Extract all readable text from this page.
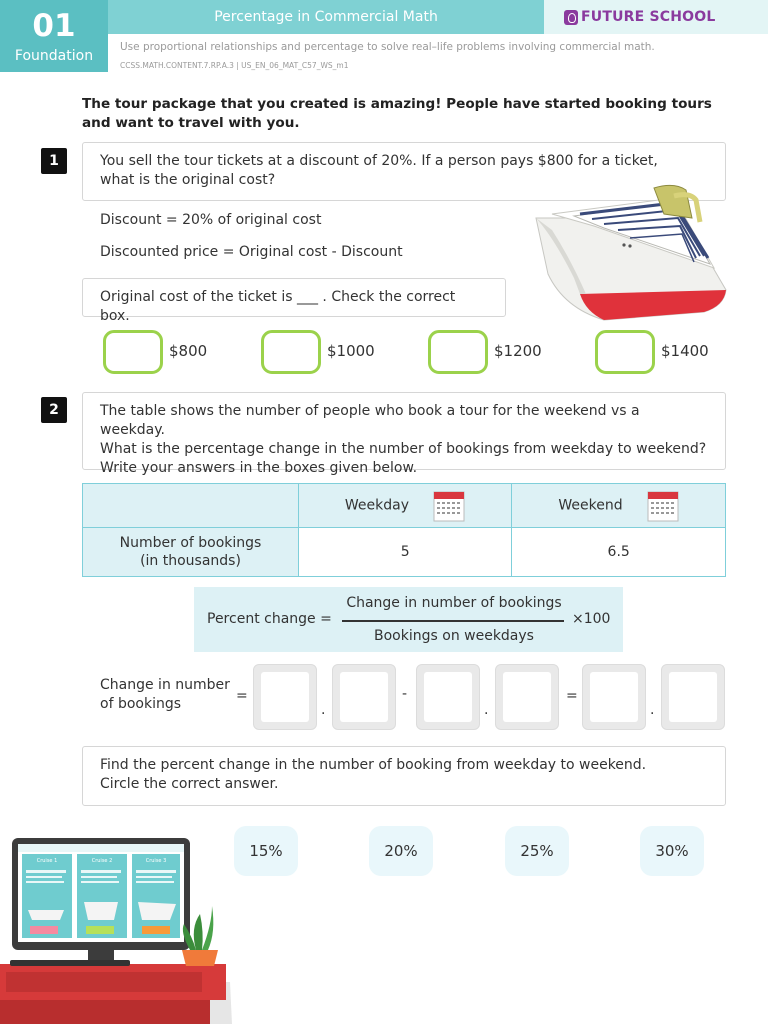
01
Foundation
Percentage in Commercial Math	FUTURE SCHOOL
Use proportional relationships and percentage to solve real–life problems involving commercial math.
CCSS.MATH.CONTENT.7.RP.A.3 | US_EN_06_MAT_C57_WS_m1
The tour package that you created is amazing! People have started booking tours and want to travel with you.
1	You sell the tour tickets at a discount of 20%. If a person pays $800 for a ticket,
what is the original cost?
Discount = 20% of original cost
Discounted price = Original cost - Discount
Original cost of the ticket is ___ . Check the correct box.
$800	$1000	$1200	$1400
2	The table shows the number of people who book a tour for the weekend vs a weekday.
What is the percentage change in the number of bookings from weekday to weekend?
Write your answers in the boxes given below.
	Weekday	Weekend

Number of bookings
(in thousands)	5	6.5
Percent change =
Change in number of bookings
Bookings on weekdays
×100
Change in number
of bookings	=
.
-
.
=
.
Find the percent change in the number of booking from weekday to weekend.
Circle the correct answer.
15%	20%	25%	30%
Cruise 1	Cruise 2	Cruise 3
